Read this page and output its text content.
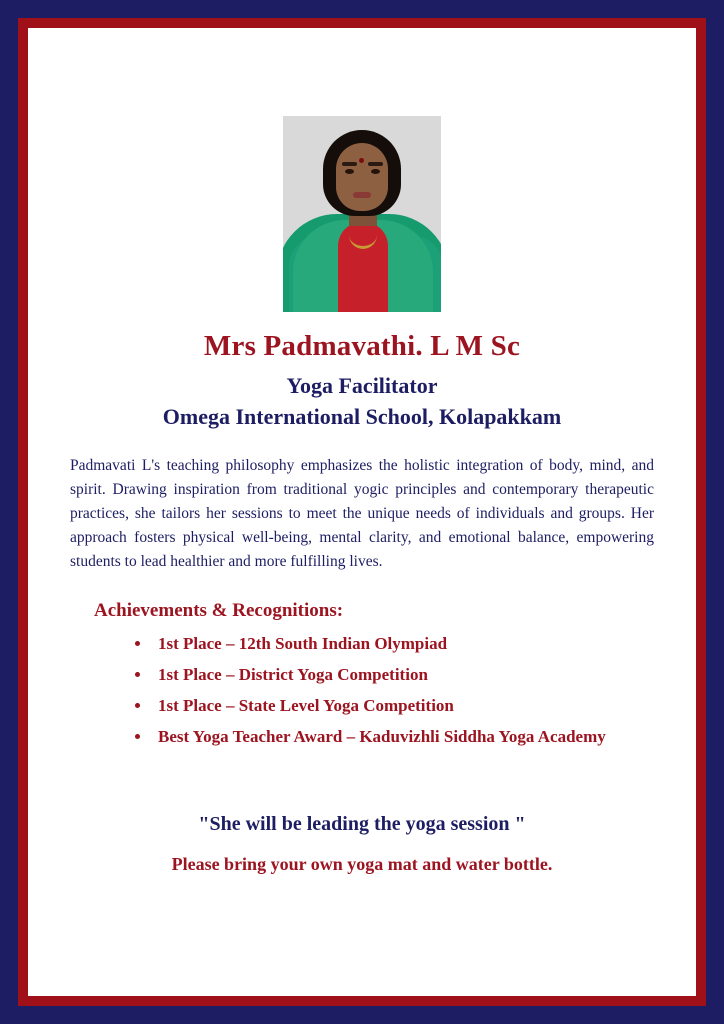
Mrs Padmavathi. L M Sc
Yoga Facilitator
Omega International School, Kolapakkam

Padmavati L's teaching philosophy emphasizes the holistic integration of body, mind, and spirit. Drawing inspiration from traditional yogic principles and contemporary therapeutic practices, she tailors her sessions to meet the unique needs of individuals and groups. Her approach fosters physical well-being, mental clarity, and emotional balance, empowering students to lead healthier and more fulfilling lives.

Achievements & Recognitions:
• 1st Place – 12th South Indian Olympiad
• 1st Place – District Yoga Competition
• 1st Place – State Level Yoga Competition
• Best Yoga Teacher Award – Kaduvizhli Siddha Yoga Academy
"She will be leading the yoga session "
Please bring your own yoga mat and water bottle.
